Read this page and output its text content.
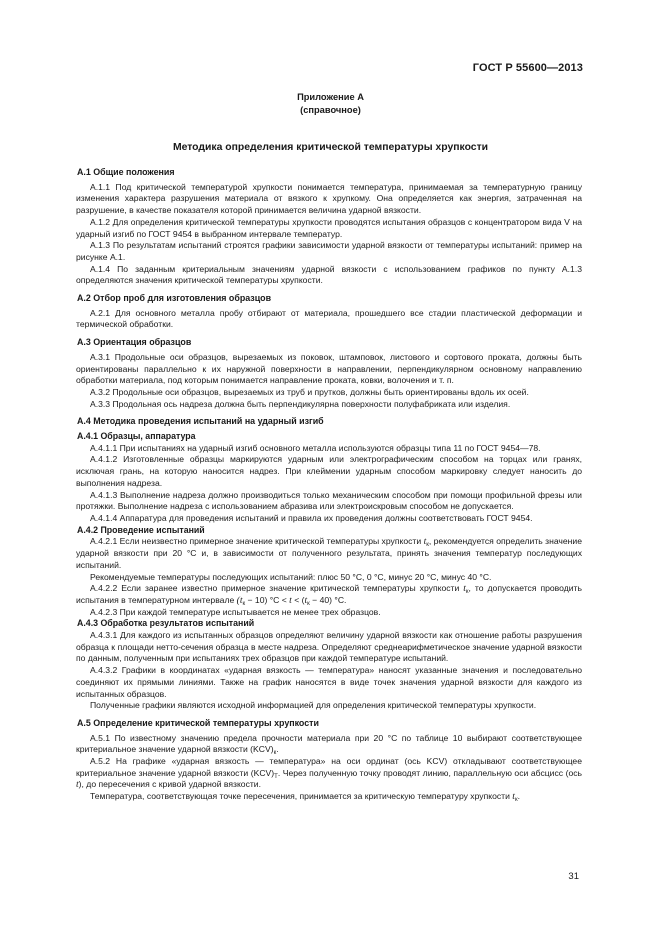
ГОСТ Р 55600—2013
Приложение А
(справочное)
Методика определения критической температуры хрупкости
А.1 Общие положения

А.1.1 Под критической температурой хрупкости понимается температура, принимаемая за температурную границу изменения характера разрушения материала от вязкого к хрупкому. Она определяется как энергия, затраченная на разрушение, в качестве показателя которой принимается величина ударной вязкости.

А.1.2 Для определения критической температуры хрупкости проводятся испытания образцов с концентратором вида V на ударный изгиб по ГОСТ 9454 в выбранном интервале температур.

А.1.3 По результатам испытаний строятся графики зависимости ударной вязкости от температуры испытаний: пример на рисунке А.1.

А.1.4 По заданным критериальным значениям ударной вязкости с использованием графиков по пункту А.1.3 определяются значения критической температуры хрупкости.

А.2 Отбор проб для изготовления образцов

А.2.1 Для основного металла пробу отбирают от материала, прошедшего все стадии пластической деформации и термической обработки.

А.3 Ориентация образцов

А.3.1 Продольные оси образцов, вырезаемых из поковок, штамповок, листового и сортового проката, должны быть ориентированы параллельно к их наружной поверхности в направлении, перпендикулярном основному направлению обработки материала, под которым понимается направление проката, ковки, волочения и т. п.

А.3.2 Продольные оси образцов, вырезаемых из труб и прутков, должны быть ориентированы вдоль их осей.

А.3.3 Продольная ось надреза должна быть перпендикулярна поверхности полуфабриката или изделия.

А.4 Методика проведения испытаний на ударный изгиб
А.4.1 Образцы, аппаратура

А.4.1.1 При испытаниях на ударный изгиб основного металла используются образцы типа 11 по ГОСТ 9454—78.

А.4.1.2 Изготовленные образцы маркируются ударным или электрографическим способом на торцах или гранях, исключая грань, на которую наносится надрез. При клеймении ударным способом маркировку следует наносить до выполнения надреза.

А.4.1.3 Выполнение надреза должно производиться только механическим способом при помощи профильной фрезы или протяжки. Выполнение надреза с использованием абразива или электроискровым способом не допускается.

А.4.1.4 Аппаратура для проведения испытаний и правила их проведения должны соответствовать ГОСТ 9454.

А.4.2 Проведение испытаний

А.4.2.1 Если неизвестно примерное значение критической температуры хрупкости $t_к$, рекомендуется определить значение ударной вязкости при 20 °С и, в зависимости от полученного результата, принять значения температур последующих испытаний.

Рекомендуемые температуры последующих испытаний: плюс 50 °С, 0 °С, минус 20 °С, минус 40 °С.

А.4.2.2 Если заранее известно примерное значение критической температуры хрупкости $t_к$, то допускается проводить испытания в температурном интервале $(t_к - 10) ^\circ С < t < (t_к - 40)$ °С.

А.4.2.3 При каждой температуре испытывается не менее трех образцов.

А.4.3 Обработка результатов испытаний

А.4.3.1 Для каждого из испытанных образцов определяют величину ударной вязкости как отношение работы разрушения образца к площади нетто-сечения образца в месте надреза. Определяют среднеарифметическое значение ударной вязкости по данным, полученным при испытаниях трех образцов при каждой температуре испытаний.

А.4.3.2 Графики в координатах «ударная вязкость — температура» наносят указанные значения и последовательно соединяют их прямыми линиями. Также на график наносятся в виде точек значения ударной вязкости для каждого из испытанных образцов.

Полученные графики являются исходной информацией для определения критической температуры хрупкости.

А.5 Определение критической температуры хрупкости

А.5.1 По известному значению предела прочности материала при 20 °С по таблице 10 выбирают соответствующее критериальное значение ударной вязкости $(KCV)_к$.

А.5.2 На графике «ударная вязкость — температура» на оси ординат (ось KCV) откладывают соответствующее критериальное значение ударной вязкости $(KCV)_Т$. Через полученную точку проводят линию, параллельную оси абсцисс (ось t), до пересечения с кривой ударной вязкости.

Температура, соответствующая точке пересечения, принимается за критическую температуру хрупкости $t_к$.

31
